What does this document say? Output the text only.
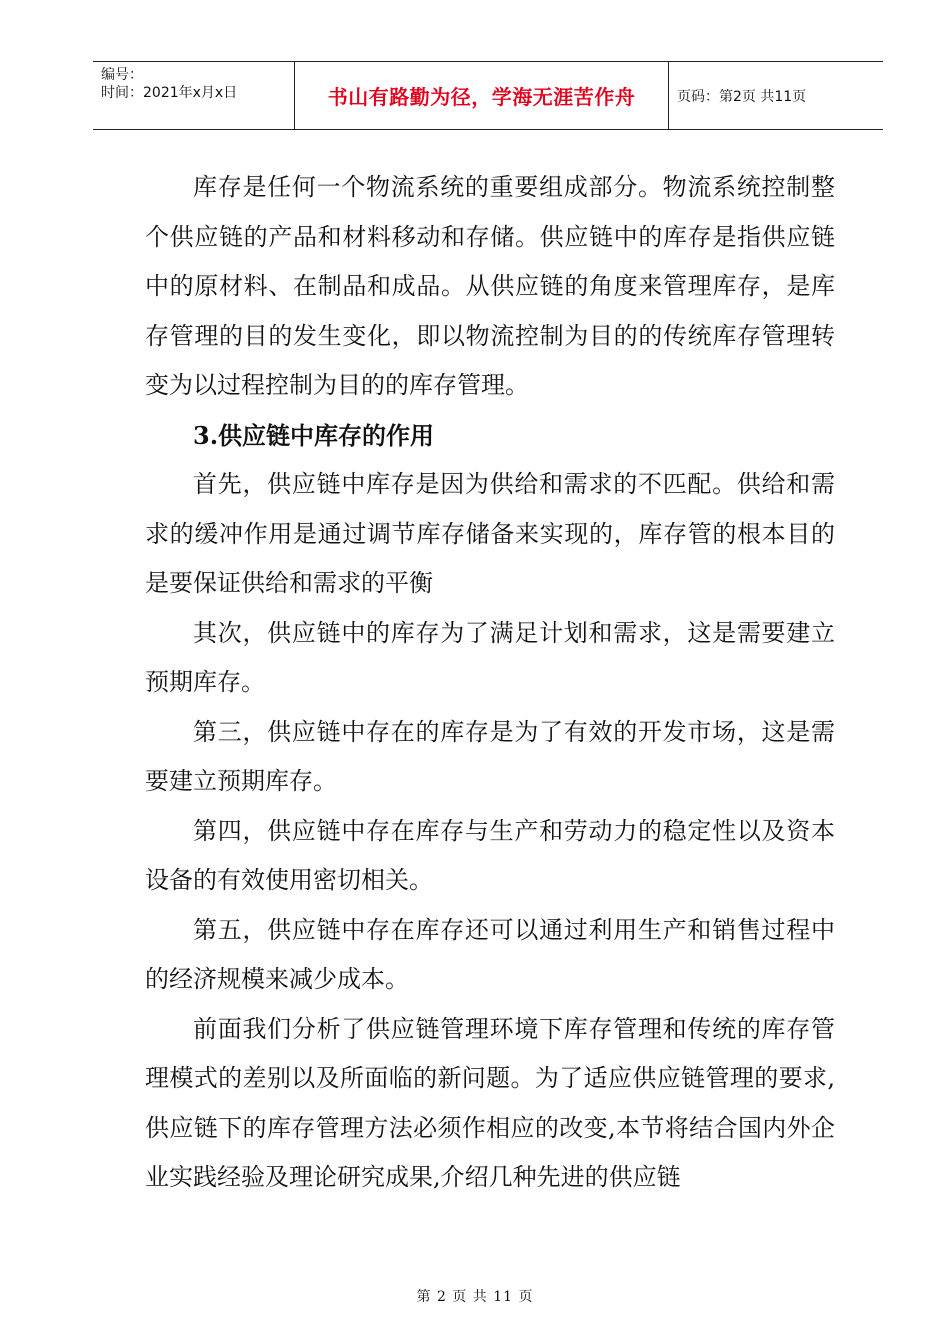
编号：
时间：2021年x月x日	书山有路勤为径，学海无涯苦作舟	页码：第2页 共11页

库存是任何一个物流系统的重要组成部分。物流系统控制整个供应链的产品和材料移动和存储。供应链中的库存是指供应链中的原材料、在制品和成品。从供应链的角度来管理库存，是库存管理的目的发生变化，即以物流控制为目的的传统库存管理转变为以过程控制为目的的库存管理。

3.供应链中库存的作用

首先，供应链中库存是因为供给和需求的不匹配。供给和需求的缓冲作用是通过调节库存储备来实现的，库存管的根本目的是要保证供给和需求的平衡

其次，供应链中的库存为了满足计划和需求，这是需要建立预期库存。

第三，供应链中存在的库存是为了有效的开发市场，这是需要建立预期库存。

第四，供应链中存在库存与生产和劳动力的稳定性以及资本设备的有效使用密切相关。

第五，供应链中存在库存还可以通过利用生产和销售过程中的经济规模来减少成本。

前面我们分析了供应链管理环境下库存管理和传统的库存管理模式的差别以及所面临的新问题。为了适应供应链管理的要求,供应链下的库存管理方法必须作相应的改变,本节将结合国内外企业实践经验及理论研究成果,介绍几种先进的供应链

第 2 页 共 11 页
